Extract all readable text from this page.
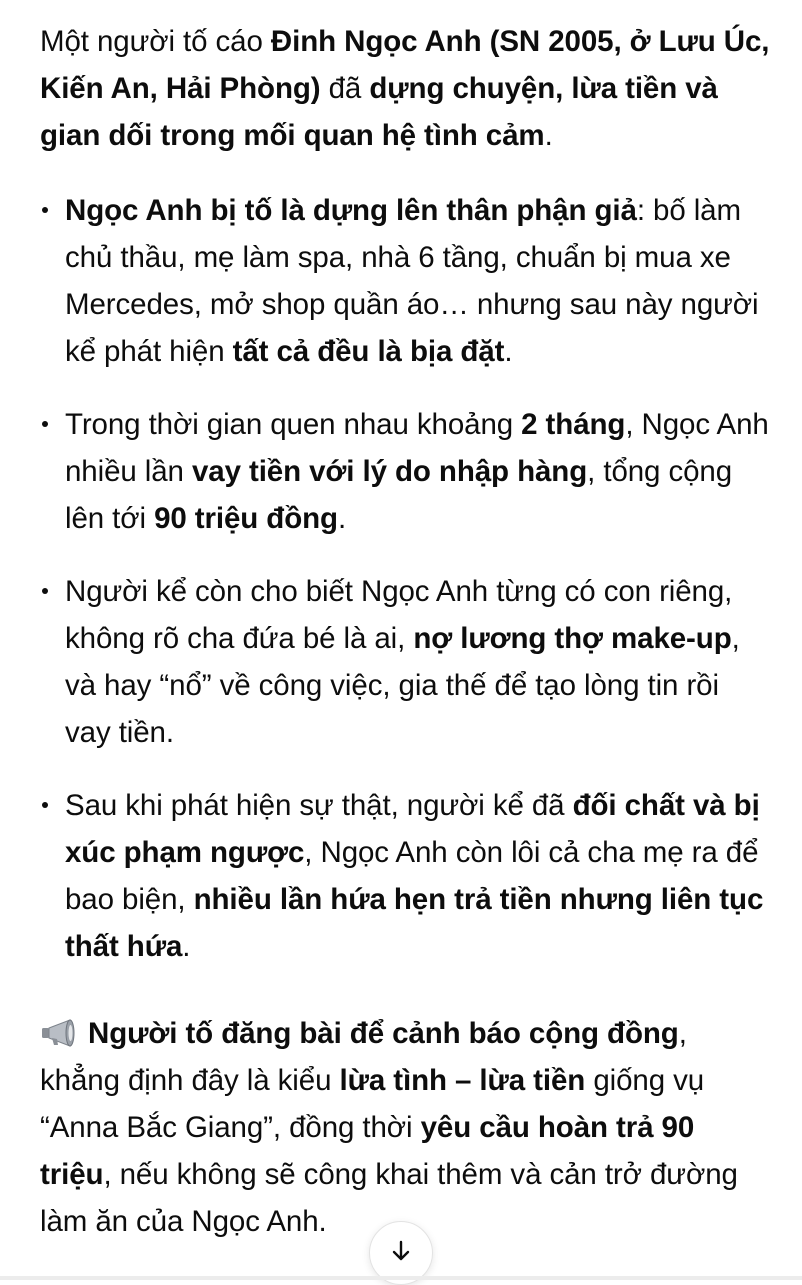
Một người tố cáo Đinh Ngọc Anh (SN 2005, ở Lưu Úc, Kiến An, Hải Phòng) đã dựng chuyện, lừa tiền và gian dối trong mối quan hệ tình cảm.

Ngọc Anh bị tố là dựng lên thân phận giả: bố làm chủ thầu, mẹ làm spa, nhà 6 tầng, chuẩn bị mua xe Mercedes, mở shop quần áo… nhưng sau này người kể phát hiện tất cả đều là bịa đặt.
Trong thời gian quen nhau khoảng 2 tháng, Ngọc Anh nhiều lần vay tiền với lý do nhập hàng, tổng cộng lên tới 90 triệu đồng.
Người kể còn cho biết Ngọc Anh từng có con riêng, không rõ cha đứa bé là ai, nợ lương thợ make-up, và hay “nổ” về công việc, gia thế để tạo lòng tin rồi vay tiền.
Sau khi phát hiện sự thật, người kể đã đối chất và bị xúc phạm ngược, Ngọc Anh còn lôi cả cha mẹ ra để bao biện, nhiều lần hứa hẹn trả tiền nhưng liên tục thất hứa.

Người tố đăng bài để cảnh báo cộng đồng, khẳng định đây là kiểu lừa tình – lừa tiền giống vụ “Anna Bắc Giang”, đồng thời yêu cầu hoàn trả 90 triệu, nếu không sẽ công khai thêm và cản trở đường làm ăn của Ngọc Anh.
